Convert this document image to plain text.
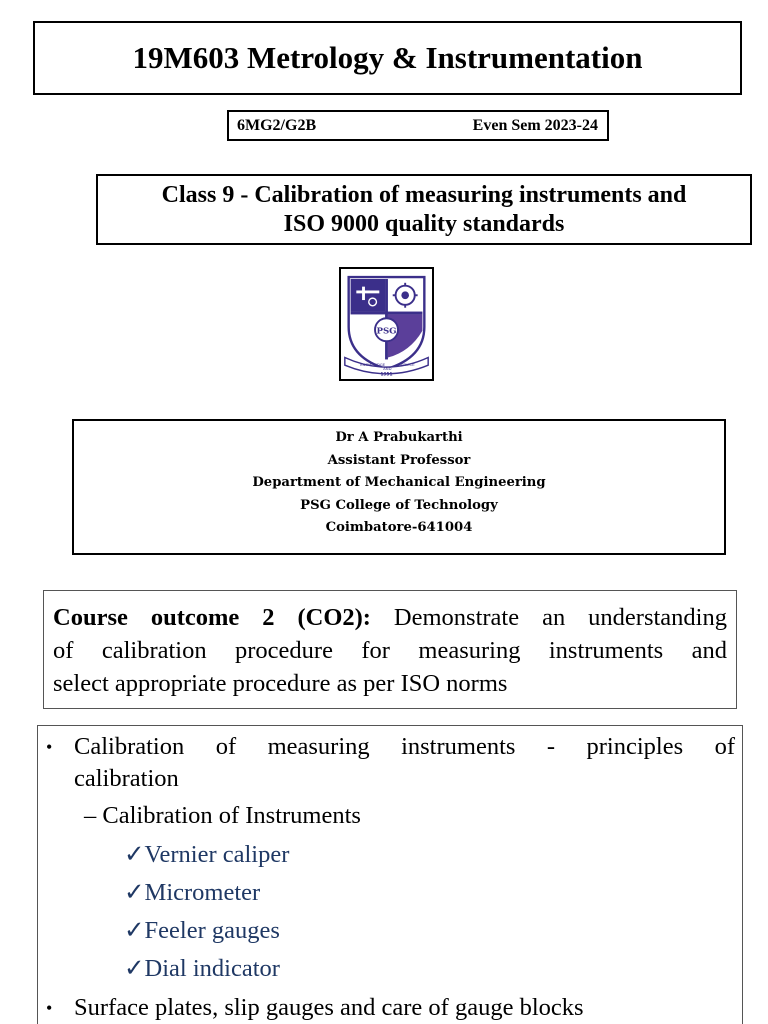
19M603 Metrology & Instrumentation
6MG2/G2B	Even Sem 2023-24
Class 9 - Calibration of measuring instruments and
ISO 9000 quality standards
PSG
KNOWLEDGE
AND
SERVICE
1951
Dr A Prabukarthi
Assistant Professor
Department of Mechanical Engineering
PSG College of Technology
Coimbatore-641004
Course outcome 2 (CO2): Demonstrate an understanding
of calibration procedure for measuring instruments and
select appropriate procedure as per ISO norms
• Calibration of measuring instruments - principles of
calibration
– Calibration of Instruments
✓Vernier caliper
✓Micrometer
✓Feeler gauges
✓Dial indicator
• Surface plates, slip gauges and care of gauge blocks
